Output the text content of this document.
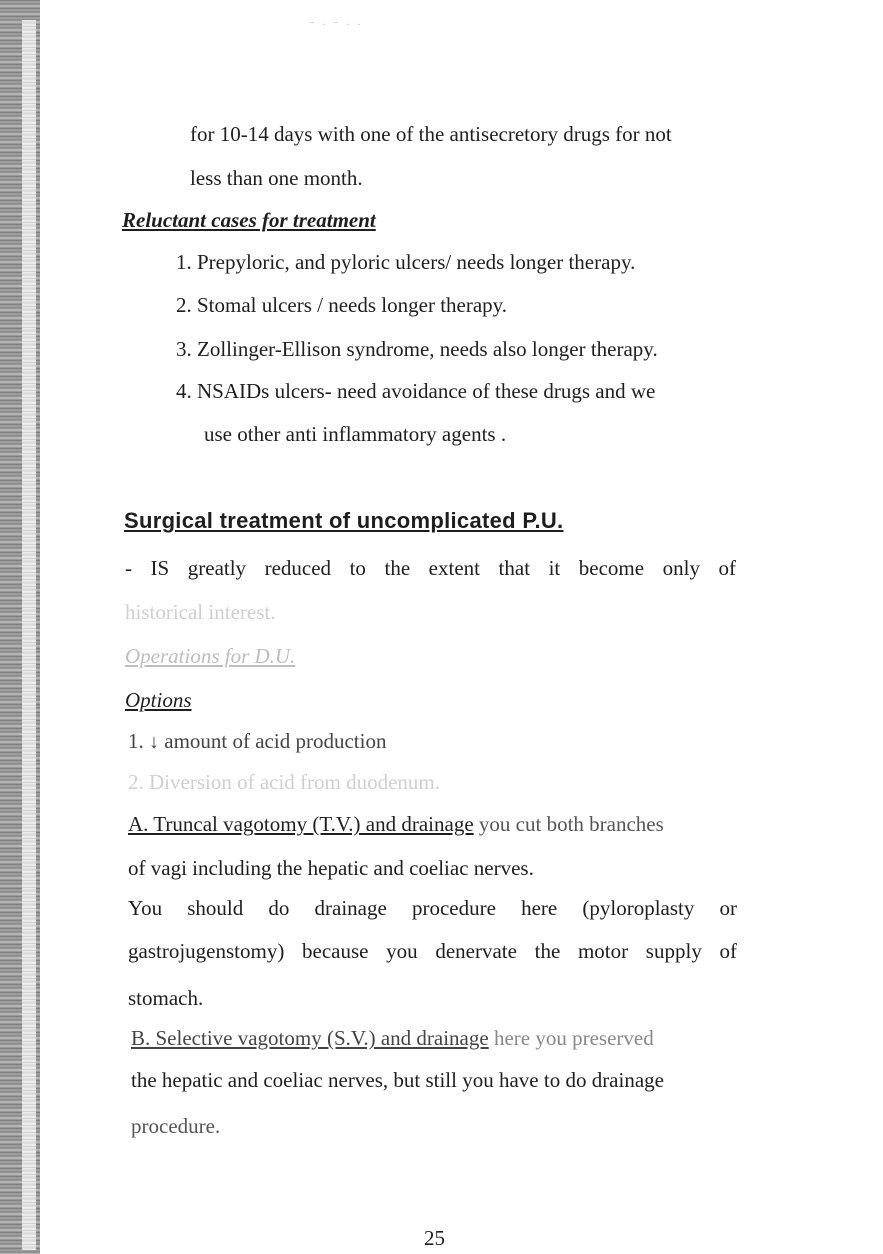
- . - . .
for 10-14 days with one of the antisecretory drugs for not
less than one month.
Reluctant cases for treatment
1. Prepyloric, and pyloric ulcers/ needs longer therapy.
2. Stomal ulcers / needs longer therapy.
3. Zollinger-Ellison syndrome, needs also longer therapy.
4. NSAIDs ulcers- need avoidance of these drugs and we
use other anti inflammatory agents .
Surgical treatment of uncomplicated P.U.
- IS greatly reduced to the extent that it become only of
historical interest.
Operations for D.U.
Options
1. ↓ amount of acid production
2. Diversion of acid from duodenum.
A. Truncal vagotomy (T.V.) and drainage you cut both branches
of vagi including the hepatic and coeliac nerves.
You should do drainage procedure here (pyloroplasty or
gastrojugenstomy) because you denervate the motor supply of
stomach.
B. Selective vagotomy (S.V.) and drainage here you preserved
the hepatic and coeliac nerves, but still you have to do drainage
procedure.
25
